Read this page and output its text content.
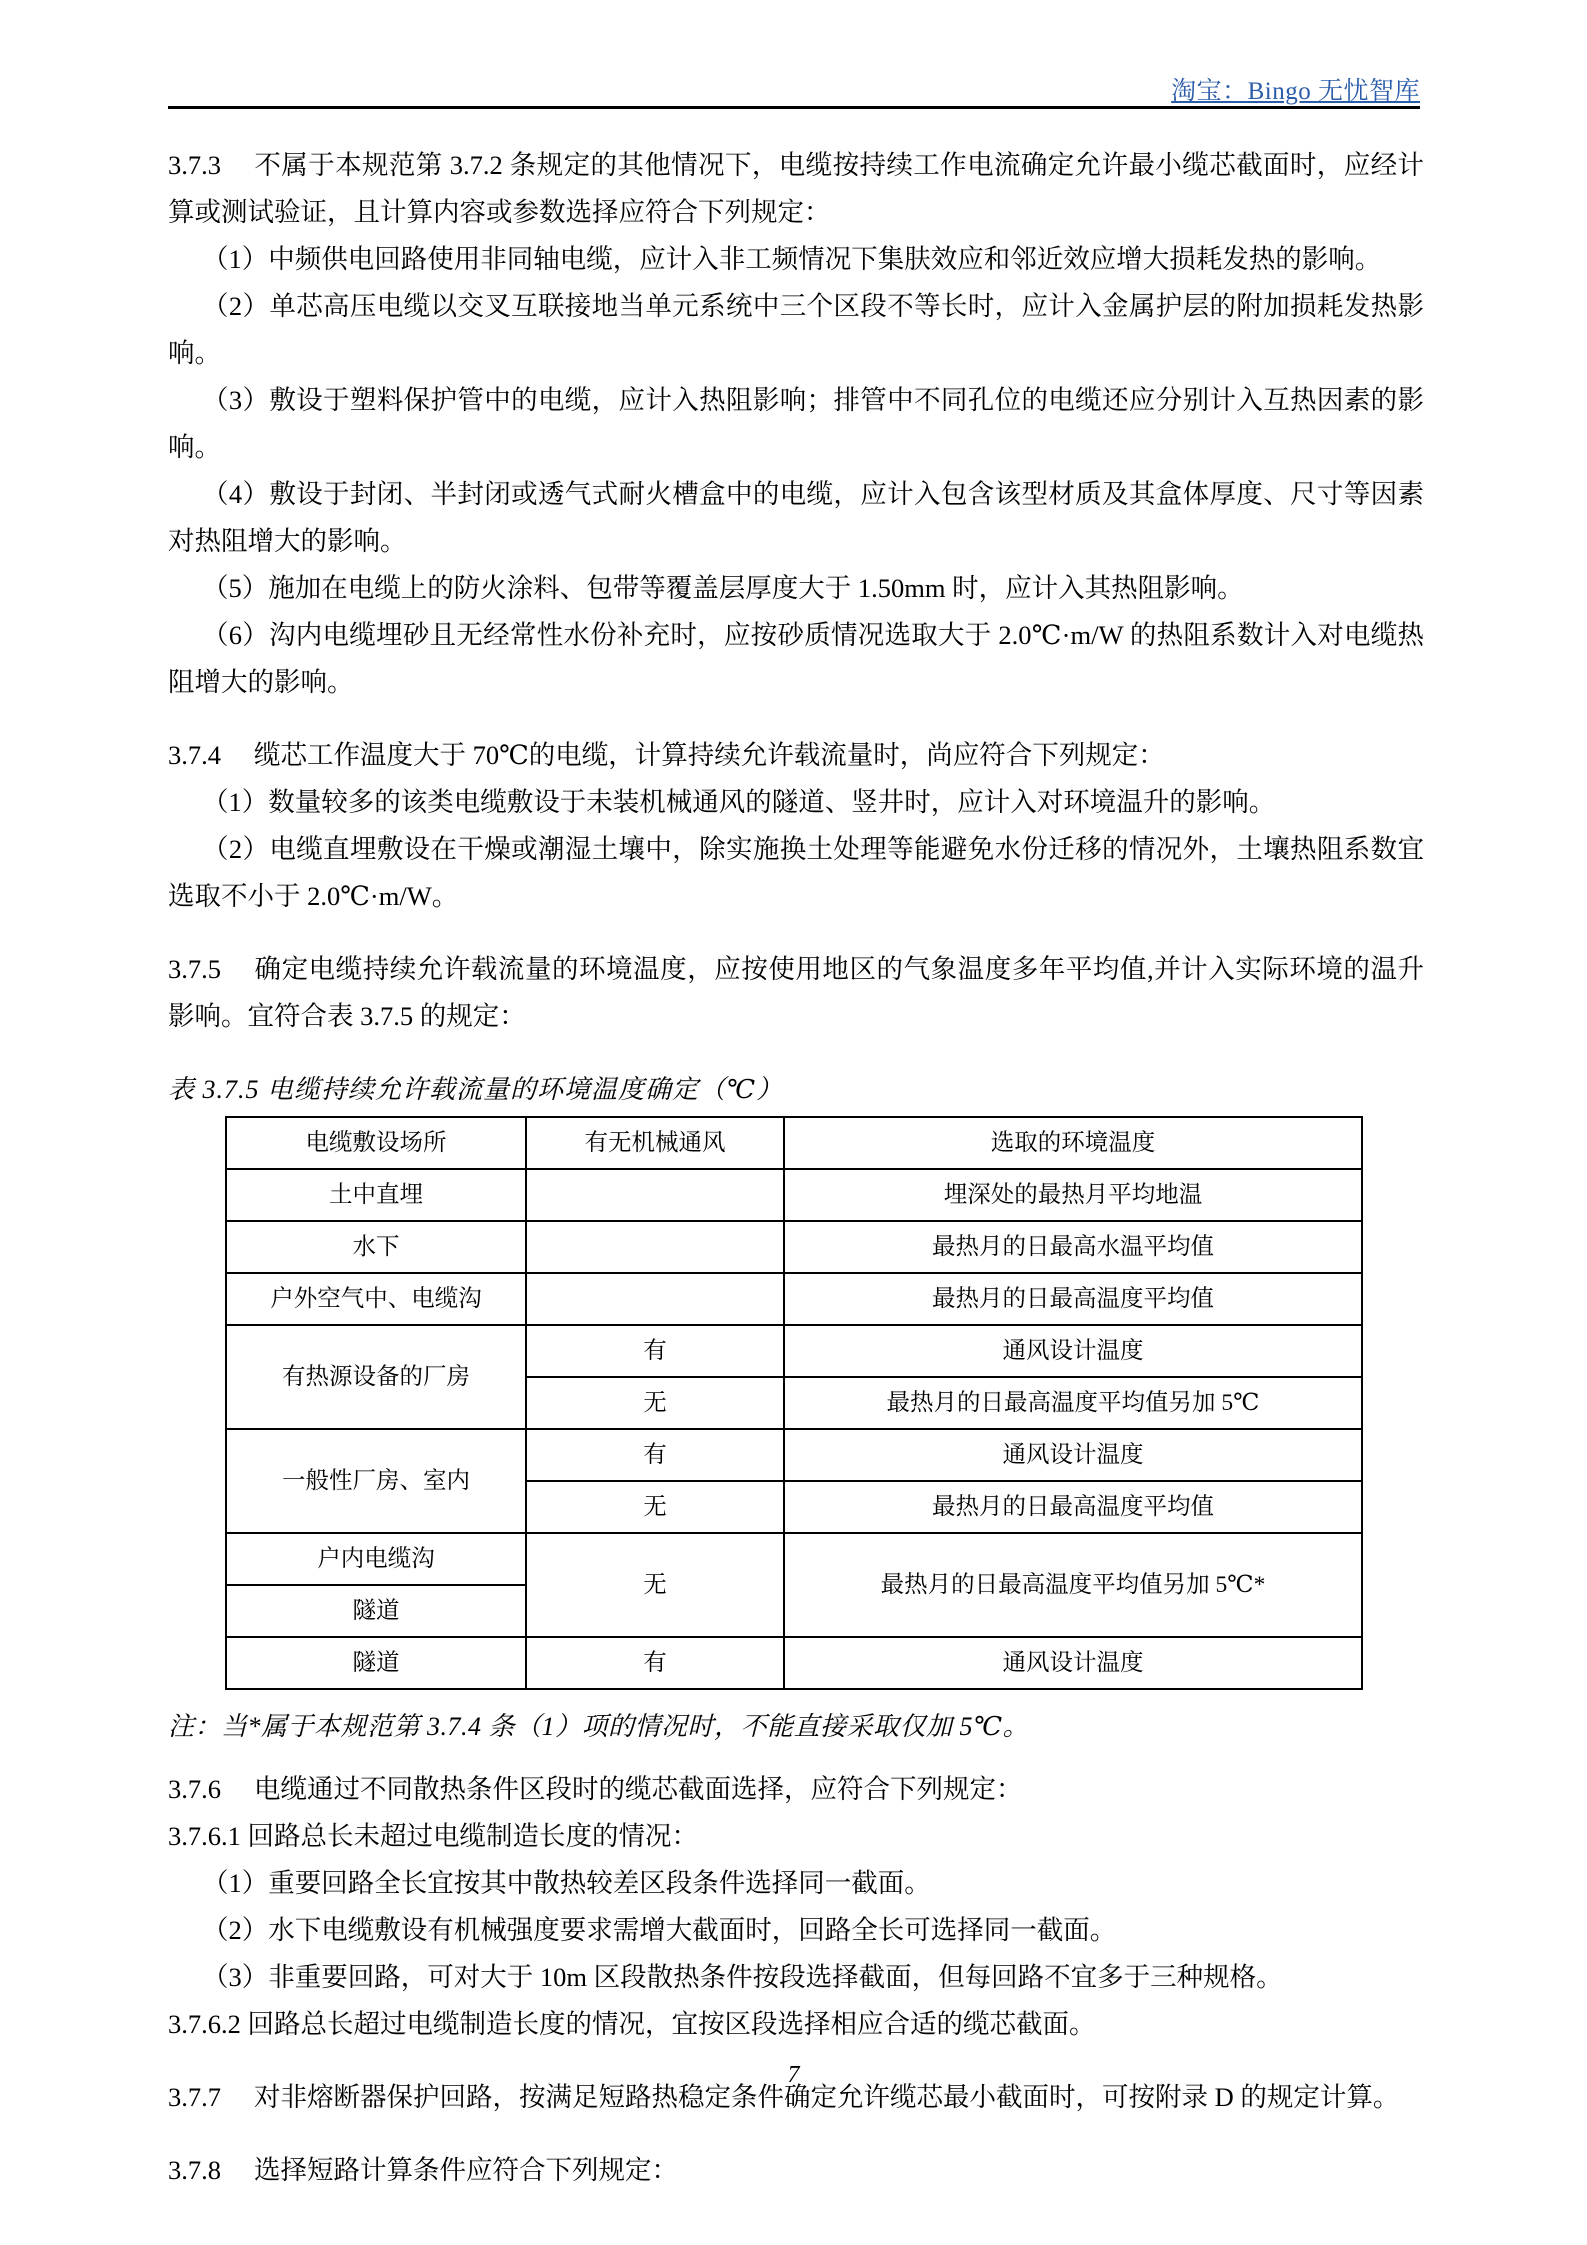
淘宝：Bingo 无忧智库

3.7.3 不属于本规范第 3.7.2 条规定的其他情况下，电缆按持续工作电流确定允许最小缆芯截面时，应经计算或测试验证，且计算内容或参数选择应符合下列规定：

（1）中频供电回路使用非同轴电缆，应计入非工频情况下集肤效应和邻近效应增大损耗发热的影响。

（2）单芯高压电缆以交叉互联接地当单元系统中三个区段不等长时，应计入金属护层的附加损耗发热影响。

（3）敷设于塑料保护管中的电缆，应计入热阻影响；排管中不同孔位的电缆还应分别计入互热因素的影响。

（4）敷设于封闭、半封闭或透气式耐火槽盒中的电缆，应计入包含该型材质及其盒体厚度、尺寸等因素对热阻增大的影响。

（5）施加在电缆上的防火涂料、包带等覆盖层厚度大于 1.50mm 时，应计入其热阻影响。

（6）沟内电缆埋砂且无经常性水份补充时，应按砂质情况选取大于 2.0℃·m/W 的热阻系数计入对电缆热阻增大的影响。

3.7.4 缆芯工作温度大于 70℃的电缆，计算持续允许载流量时，尚应符合下列规定：

（1）数量较多的该类电缆敷设于未装机械通风的隧道、竖井时，应计入对环境温升的影响。

（2）电缆直埋敷设在干燥或潮湿土壤中，除实施换土处理等能避免水份迁移的情况外，土壤热阻系数宜选取不小于 2.0℃·m/W。

3.7.5 确定电缆持续允许载流量的环境温度，应按使用地区的气象温度多年平均值,并计入实际环境的温升影响。宜符合表 3.7.5 的规定：

表 3.7.5 电缆持续允许载流量的环境温度确定（℃）
电缆敷设场所	有无机械通风	选取的环境温度
土中直埋		埋深处的最热月平均地温
水下		最热月的日最高水温平均值
户外空气中、电缆沟		最热月的日最高温度平均值
有热源设备的厂房	有	通风设计温度
	无	最热月的日最高温度平均值另加 5℃
一般性厂房、室内	有	通风设计温度
	无	最热月的日最高温度平均值
户内电缆沟	无	最热月的日最高温度平均值另加 5℃*
隧道		
隧道	有	通风设计温度
注：当*属于本规范第 3.7.4 条（1）项的情况时，不能直接采取仅加 5℃。

3.7.6 电缆通过不同散热条件区段时的缆芯截面选择，应符合下列规定：

3.7.6.1 回路总长未超过电缆制造长度的情况：

（1）重要回路全长宜按其中散热较差区段条件选择同一截面。

（2）水下电缆敷设有机械强度要求需增大截面时，回路全长可选择同一截面。

（3）非重要回路，可对大于 10m 区段散热条件按段选择截面，但每回路不宜多于三种规格。

3.7.6.2 回路总长超过电缆制造长度的情况，宜按区段选择相应合适的缆芯截面。

3.7.7 对非熔断器保护回路，按满足短路热稳定条件确定允许缆芯最小截面时，可按附录 D 的规定计算。

3.7.8 选择短路计算条件应符合下列规定：

7
